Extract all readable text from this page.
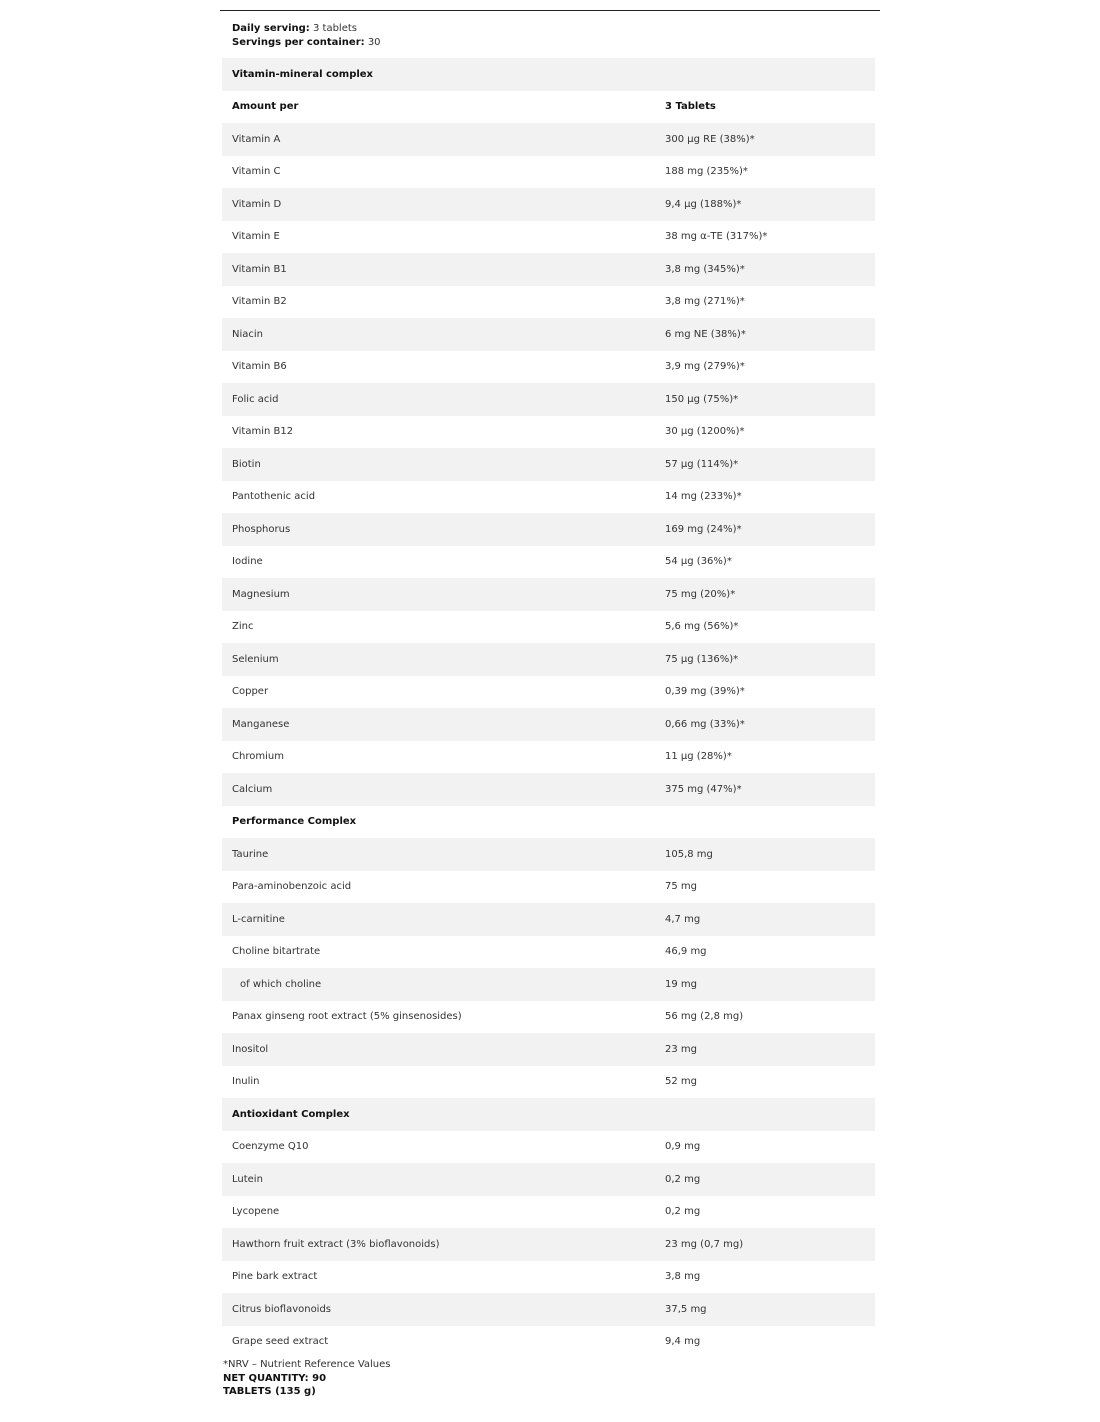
Daily serving: 3 tablets
Servings per container: 30
Vitamin-mineral complex
Amount per	3 Tablets
Vitamin A	300 μg RE (38%)*
Vitamin C	188 mg (235%)*
Vitamin D	9,4 μg (188%)*
Vitamin E	38 mg α-TE (317%)*
Vitamin B1	3,8 mg (345%)*
Vitamin B2	3,8 mg (271%)*
Niacin	6 mg NE (38%)*
Vitamin B6	3,9 mg (279%)*
Folic acid	150 μg (75%)*
Vitamin B12	30 μg (1200%)*
Biotin	57 μg (114%)*
Pantothenic acid	14 mg (233%)*
Phosphorus	169 mg (24%)*
Iodine	54 μg (36%)*
Magnesium	75 mg (20%)*
Zinc	5,6 mg (56%)*
Selenium	75 μg (136%)*
Copper	0,39 mg (39%)*
Manganese	0,66 mg (33%)*
Chromium	11 μg (28%)*
Calcium	375 mg (47%)*
Performance Complex
Taurine	105,8 mg
Para-aminobenzoic acid	75 mg
L-carnitine	4,7 mg
Choline bitartrate	46,9 mg
of which choline	19 mg
Panax ginseng root extract (5% ginsenosides)	56 mg (2,8 mg)
Inositol	23 mg
Inulin	52 mg
Antioxidant Complex
Coenzyme Q10	0,9 mg
Lutein	0,2 mg
Lycopene	0,2 mg
Hawthorn fruit extract (3% bioflavonoids)	23 mg (0,7 mg)
Pine bark extract	3,8 mg
Citrus bioflavonoids	37,5 mg
Grape seed extract	9,4 mg
*NRV – Nutrient Reference Values
NET QUANTITY: 90
TABLETS (135 g)
